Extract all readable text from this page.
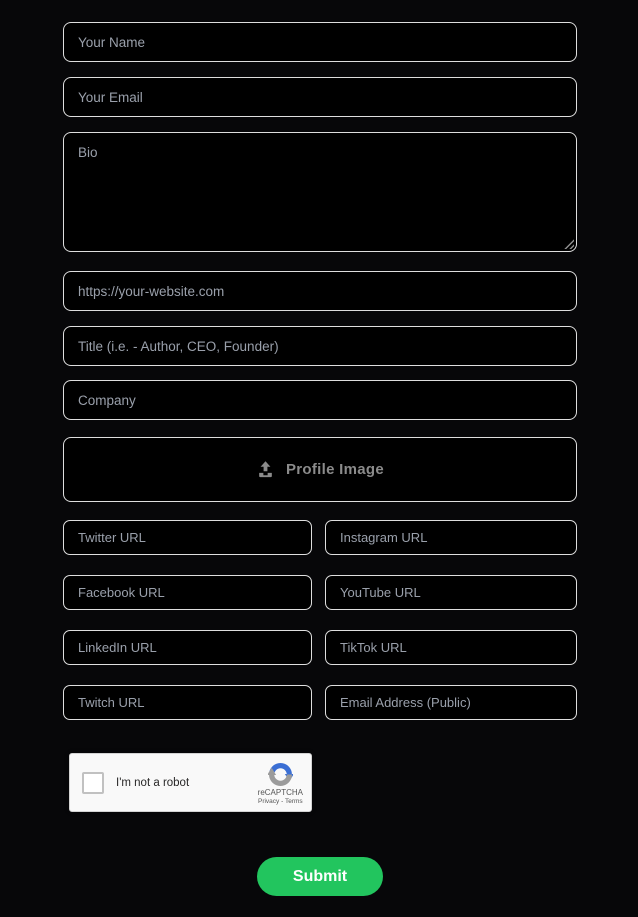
Your Name
Your Email
Bio
https://your-website.com
Title (i.e. - Author, CEO, Founder)
Company
Profile Image
Twitter URL
Instagram URL
Facebook URL
YouTube URL
LinkedIn URL
TikTok URL
Twitch URL
Email Address (Public)
I'm not a robot
reCAPTCHA
Privacy - Terms
Submit
